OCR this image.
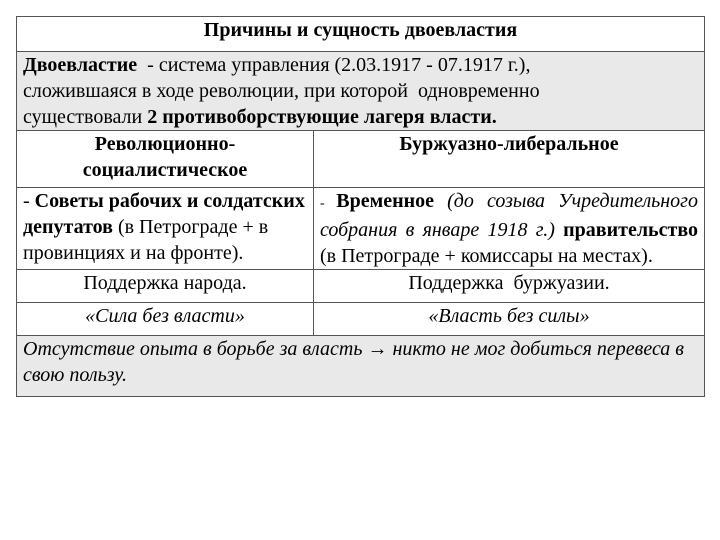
Причины и сущность двоевластия	
Двоевластие  - система управления (2.03.1917 - 07.1917 г.),
сложившаяся в ходе революции, при которой  одновременно
существовали 2 противоборствующие лагеря власти.	
Революционно-социалистическое	Буржуазно-либеральное
- Советы рабочих и солдатских депутатов (в Петрограде + в провинциях и на фронте).	- Временное (до созыва Учредительного собрания в январе 1918 г.) правительство (в Петрограде + комиссары на местах).
Поддержка народа.	Поддержка  буржуазии.
«Сила без власти»	«Власть без силы»
Отсутствие опыта в борьбе за власть → никто не мог добиться перевеса в свою пользу.	
